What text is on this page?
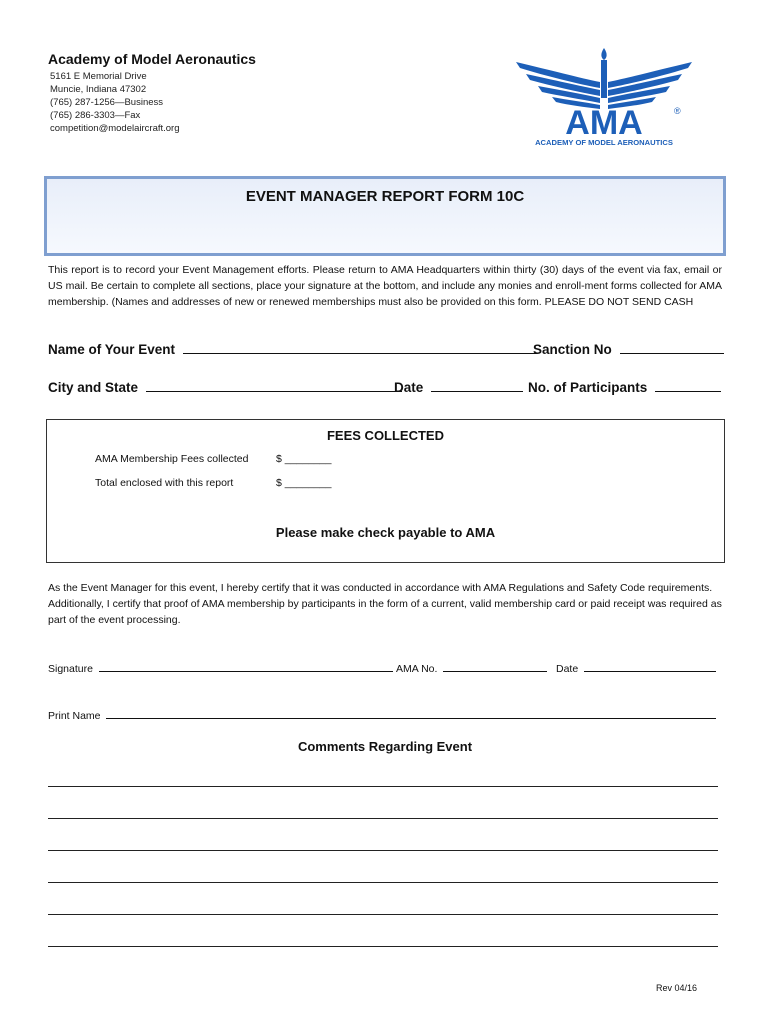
Academy of Model Aeronautics
5161 E Memorial Drive
Muncie, Indiana 47302
(765) 287-1256—Business
(765) 286-3303—Fax
competition@modelaircraft.org	AMA	®
ACADEMY OF MODEL AERONAUTICS
EVENT MANAGER REPORT FORM 10C
This report is to record your Event Management efforts. Please return to AMA Headquarters within thirty (30) days of the event via fax, email or US mail. Be certain to complete all sections, place your signature at the bottom, and include any monies and enroll-ment forms collected for AMA membership. (Names and addresses of new or renewed memberships must also be provided on this form. PLEASE DO NOT SEND CASH
Name of Your Event	Sanction No
City and State	Date	No. of Participants
FEES COLLECTED
AMA Membership Fees collected	$ ________
Total enclosed with this report	$ ________
Please make check payable to AMA
As the Event Manager for this event, I hereby certify that it was conducted in accordance with AMA Regulations and Safety Code requirements. Additionally, I certify that proof of AMA membership by participants in the form of a current, valid membership card or paid receipt was required as part of the event processing.
Signature	AMA No.	Date
Print Name
Comments Regarding Event
Rev 04/16
